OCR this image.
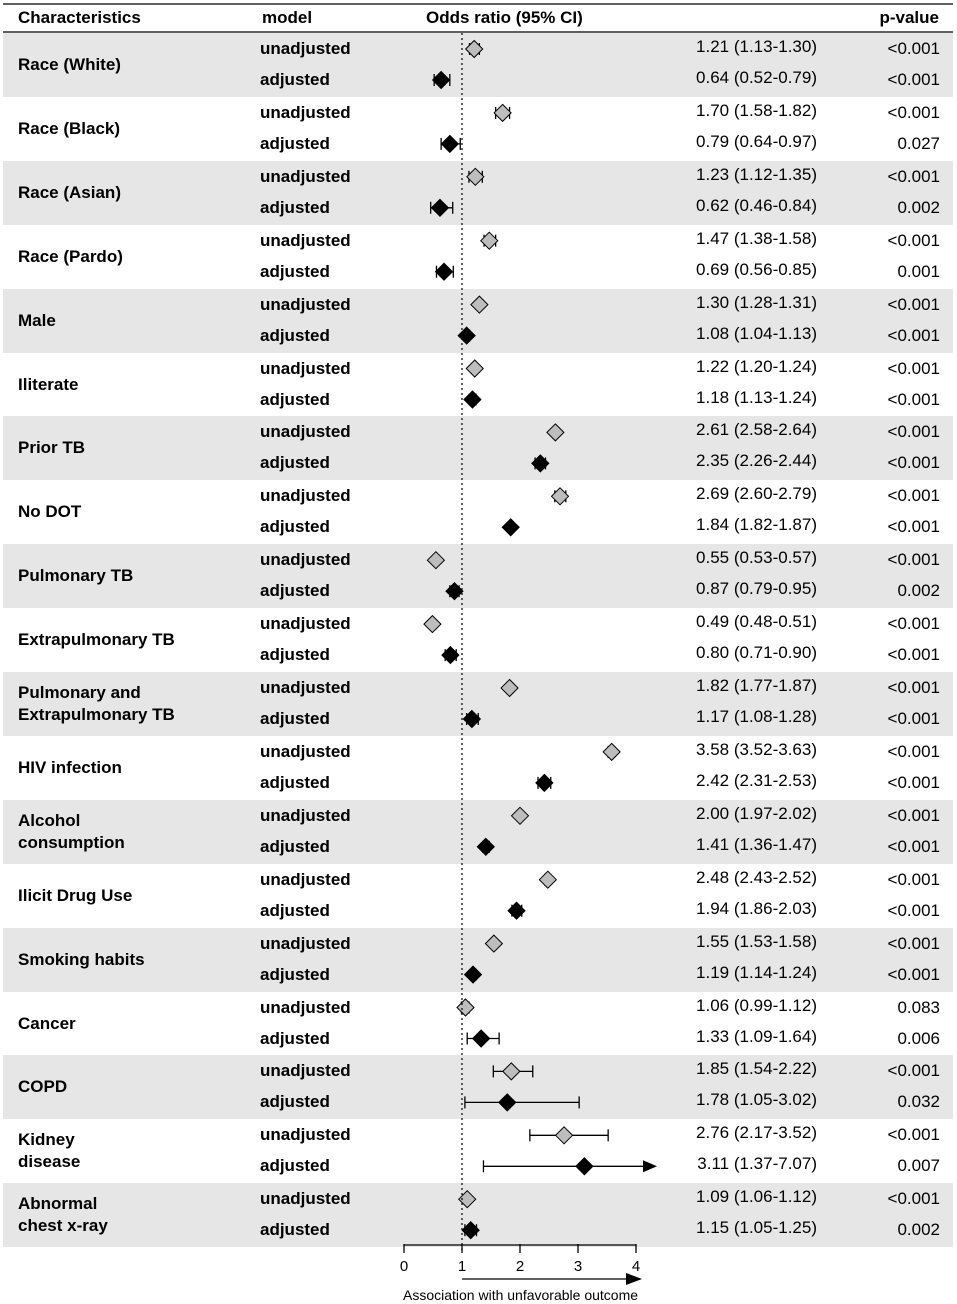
Characteristics	model	Odds ratio (95% CI)	p-value
Race (White)
unadjusted	1.21 (1.13-1.30)	<0.001
adjusted	0.64 (0.52-0.79)	<0.001
Race (Black)
unadjusted	1.70 (1.58-1.82)	<0.001
adjusted	0.79 (0.64-0.97)	0.027
Race (Asian)
unadjusted	1.23 (1.12-1.35)	<0.001
adjusted	0.62 (0.46-0.84)	0.002
Race (Pardo)
unadjusted	1.47 (1.38-1.58)	<0.001
adjusted	0.69 (0.56-0.85)	0.001
Male
unadjusted	1.30 (1.28-1.31)	<0.001
adjusted	1.08 (1.04-1.13)	<0.001
Iliterate
unadjusted	1.22 (1.20-1.24)	<0.001
adjusted	1.18 (1.13-1.24)	<0.001
Prior TB
unadjusted	2.61 (2.58-2.64)	<0.001
adjusted	2.35 (2.26-2.44)	<0.001
No DOT
unadjusted	2.69 (2.60-2.79)	<0.001
adjusted	1.84 (1.82-1.87)	<0.001
Pulmonary TB
unadjusted	0.55 (0.53-0.57)	<0.001
adjusted	0.87 (0.79-0.95)	0.002
Extrapulmonary TB
unadjusted	0.49 (0.48-0.51)	<0.001
adjusted	0.80 (0.71-0.90)	<0.001
Pulmonary and
Extrapulmonary TB
unadjusted	1.82 (1.77-1.87)	<0.001
adjusted	1.17 (1.08-1.28)	<0.001
HIV infection
unadjusted	3.58 (3.52-3.63)	<0.001
adjusted	2.42 (2.31-2.53)	<0.001
Alcohol
consumption
unadjusted	2.00 (1.97-2.02)	<0.001
adjusted	1.41 (1.36-1.47)	<0.001
Ilicit Drug Use
unadjusted	2.48 (2.43-2.52)	<0.001
adjusted	1.94 (1.86-2.03)	<0.001
Smoking habits
unadjusted	1.55 (1.53-1.58)	<0.001
adjusted	1.19 (1.14-1.24)	<0.001
Cancer
unadjusted	1.06 (0.99-1.12)	0.083
adjusted	1.33 (1.09-1.64)	0.006
COPD
unadjusted	1.85 (1.54-2.22)	<0.001
adjusted	1.78 (1.05-3.02)	0.032
Kidney
disease
unadjusted	2.76 (2.17-3.52)	<0.001
adjusted	3.11 (1.37-7.07)	0.007
Abnormal
chest x-ray
unadjusted	1.09 (1.06-1.12)	<0.001
adjusted	1.15 (1.05-1.25)	0.002
0	1	2	3	4
Association with unfavorable outcome
